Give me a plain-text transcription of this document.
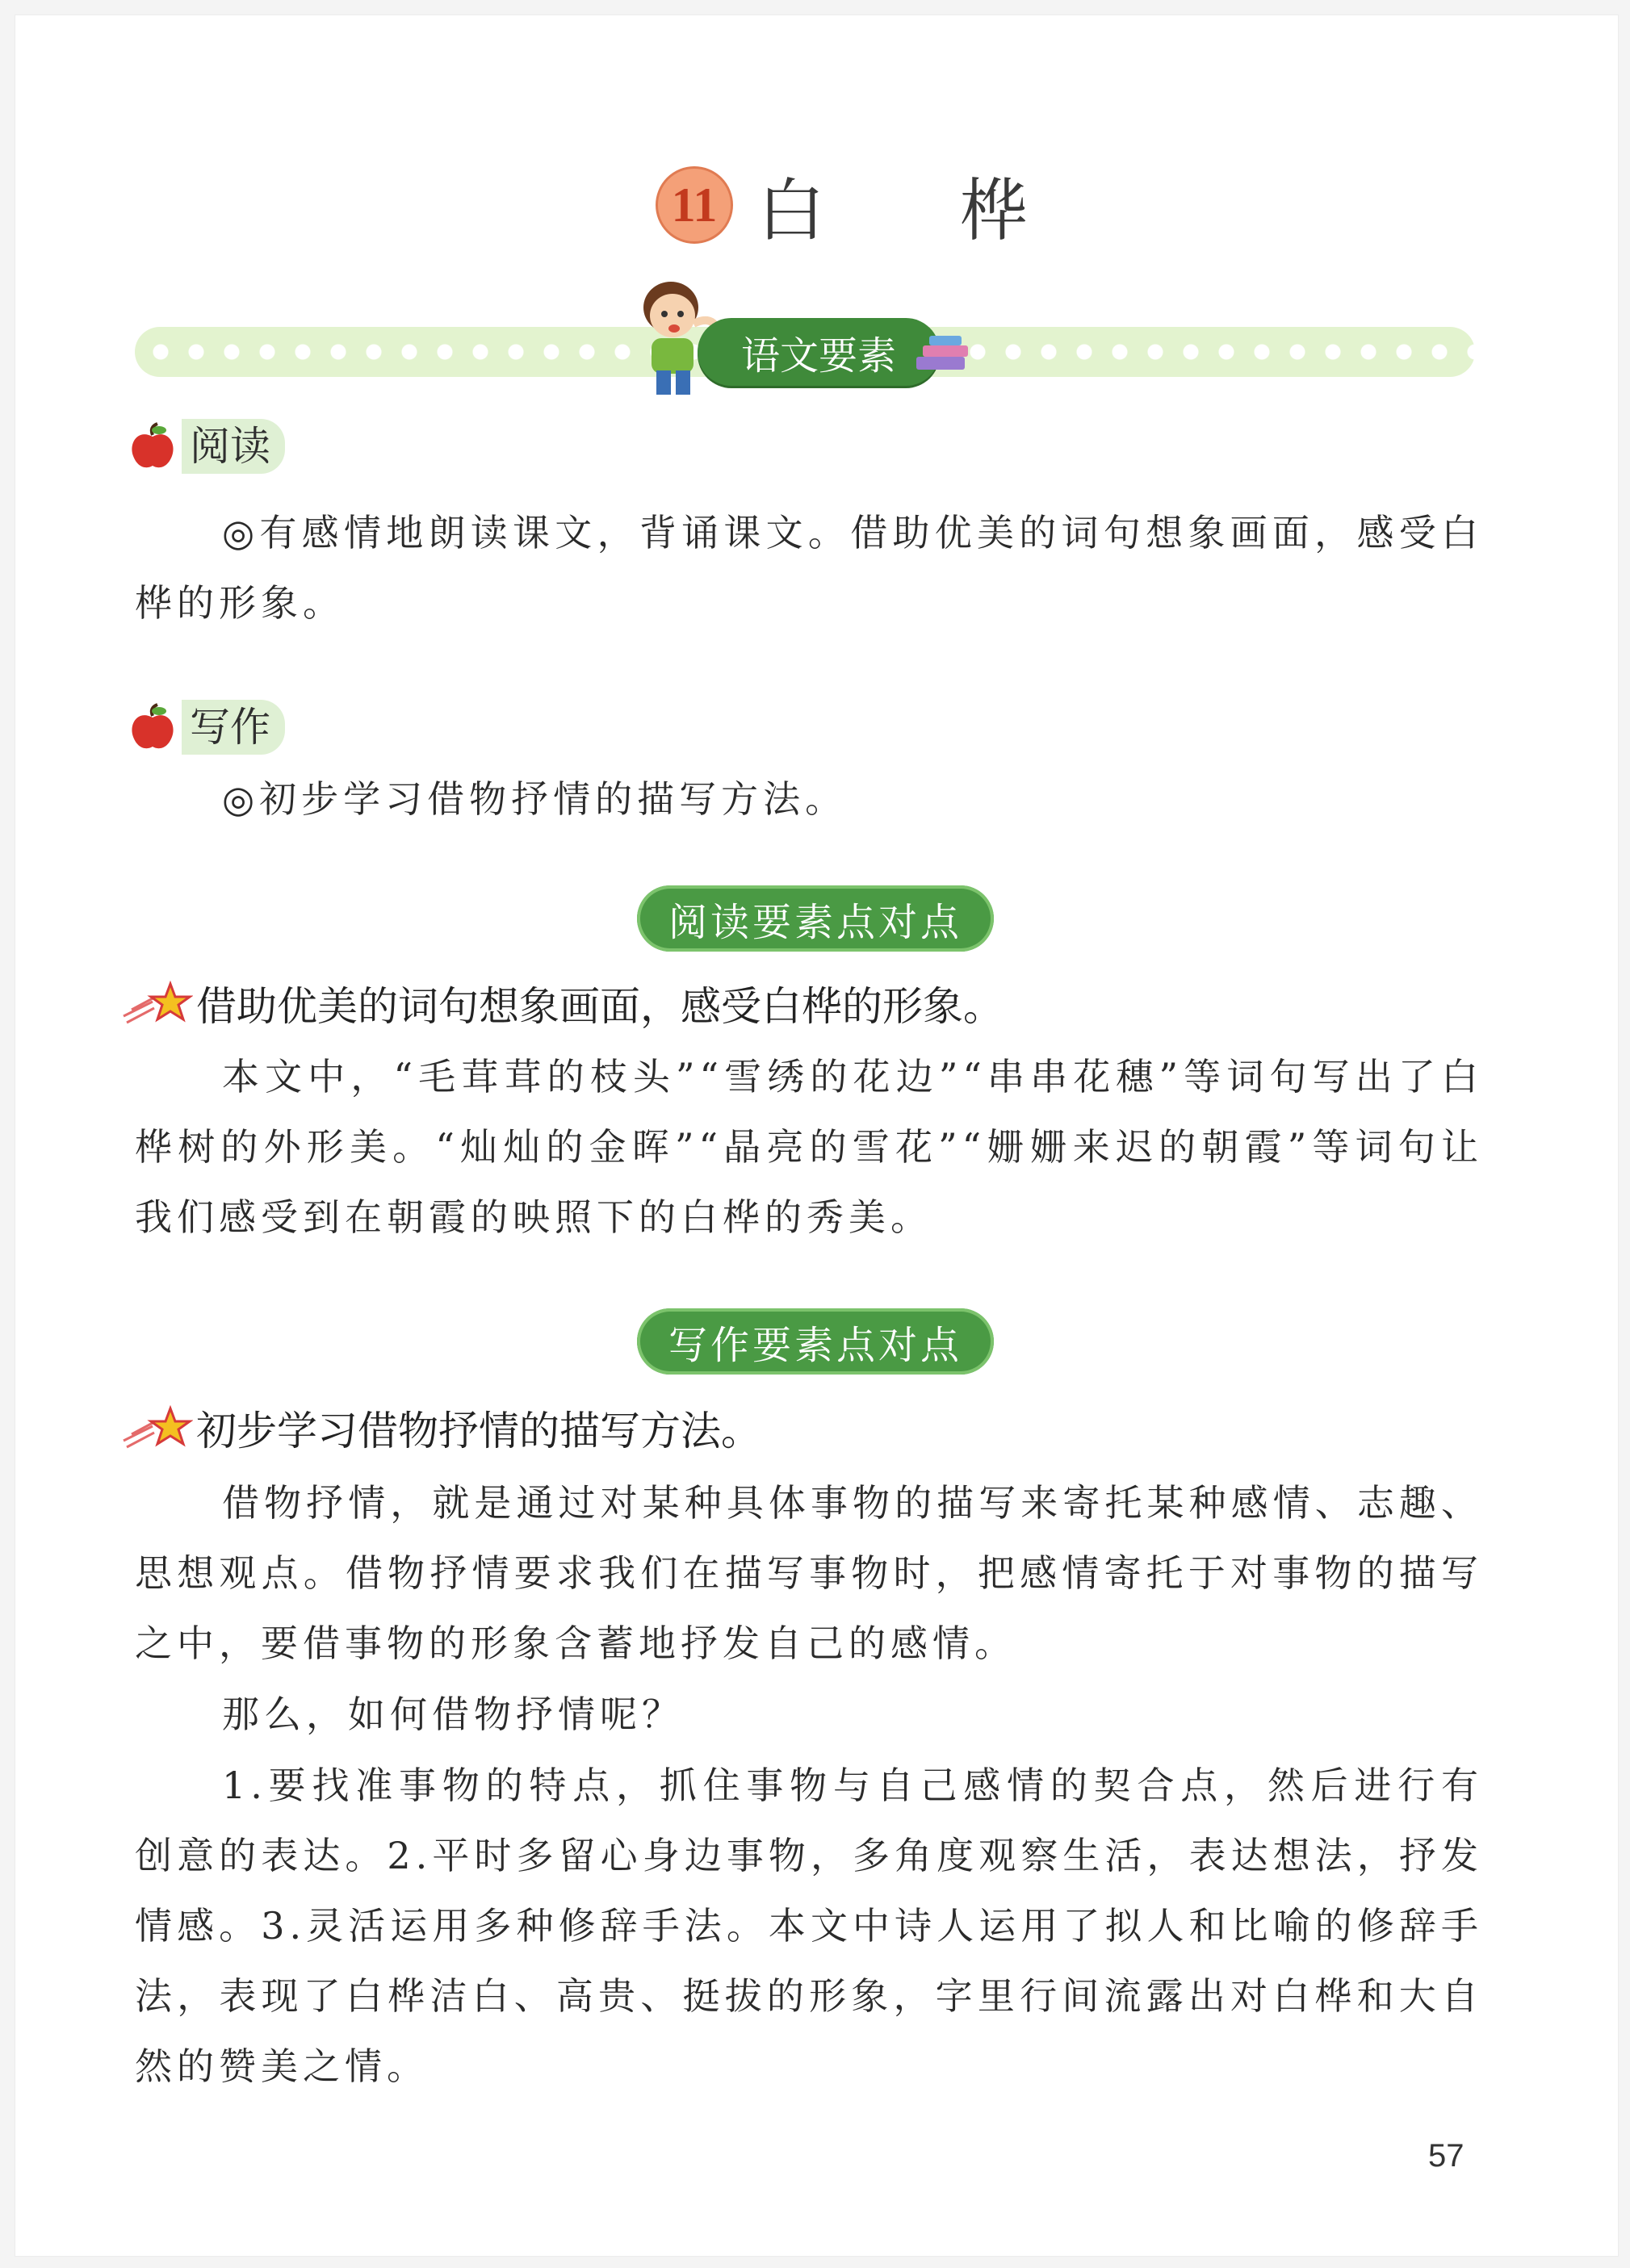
11 白 桦
语文要素
阅读
◎有感情地朗读课文，背诵课文。借助优美的词句想象画面，感受白桦的形象。
写作
◎初步学习借物抒情的描写方法。
阅读要素点对点
借助优美的词句想象画面，感受白桦的形象。
本文中，“毛茸茸的枝头”“雪绣的花边”“串串花穗”等词句写出了白桦树的外形美。“灿灿的金晖”“晶亮的雪花”“姗姗来迟的朝霞”等词句让我们感受到在朝霞的映照下的白桦的秀美。
写作要素点对点
初步学习借物抒情的描写方法。
借物抒情，就是通过对某种具体事物的描写来寄托某种感情、志趣、思想观点。借物抒情要求我们在描写事物时，把感情寄托于对事物的描写之中，要借事物的形象含蓄地抒发自己的感情。
那么，如何借物抒情呢？
1.要找准事物的特点，抓住事物与自己感情的契合点，然后进行有创意的表达。2.平时多留心身边事物，多角度观察生活，表达想法，抒发情感。3.灵活运用多种修辞手法。本文中诗人运用了拟人和比喻的修辞手法，表现了白桦洁白、高贵、挺拔的形象，字里行间流露出对白桦和大自然的赞美之情。
57
